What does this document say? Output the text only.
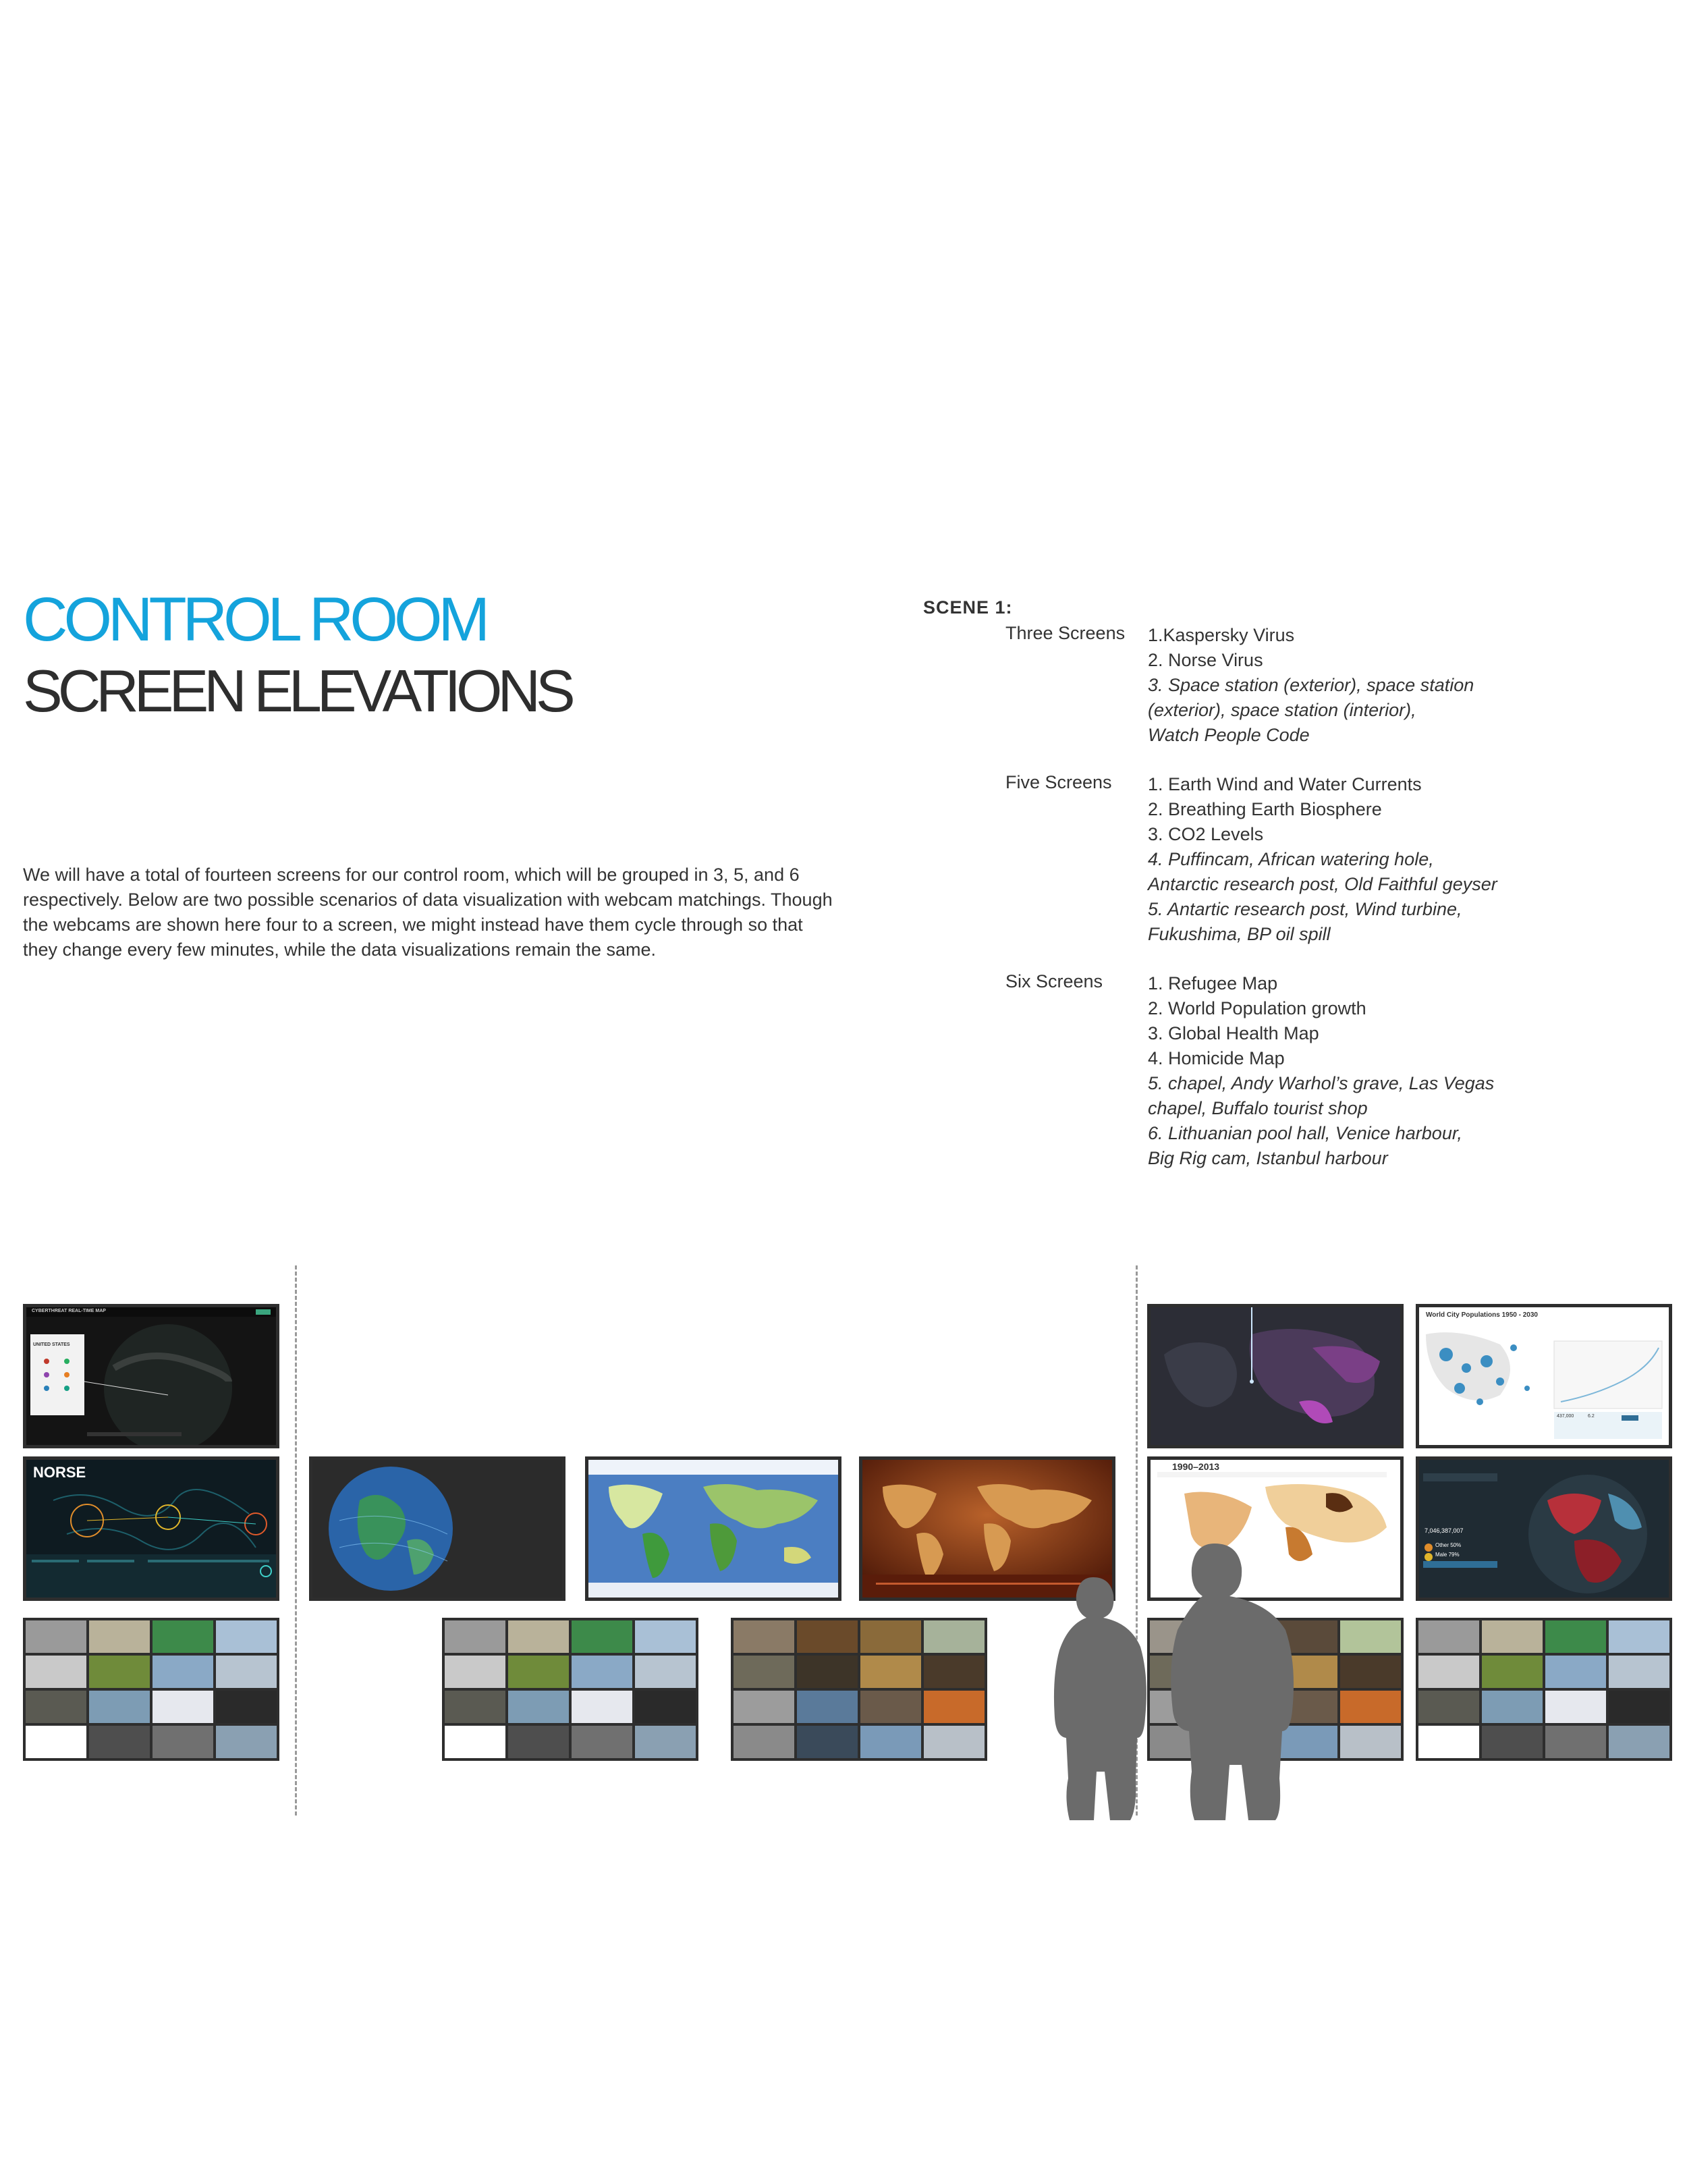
CONTROL ROOM
SCREEN ELEVATIONS
We will have a total of fourteen screens for our control room, which will be grouped in 3, 5, and 6 respectively. Below are two possible scenarios of data visualization with webcam matchings. Though the webcams are shown here four to a screen, we might instead have them cycle through so that they change every few minutes, while the data visualizations remain the same.
SCENE 1:
Three Screens 1.Kaspersky Virus
2. Norse Virus
3. Space station (exterior), space station
(exterior), space station (interior),
Watch People Code
Five Screens 1. Earth Wind and Water Currents
2. Breathing Earth Biosphere
3. CO2 Levels
4. Puffincam, African watering hole,
Antarctic research post, Old Faithful geyser
5. Antartic research post, Wind turbine,
Fukushima, BP oil spill
Six Screens 1. Refugee Map
2. World Population growth
3. Global Health Map
4. Homicide Map
5. chapel, Andy Warhol’s grave, Las Vegas
chapel, Buffalo tourist shop
6. Lithuanian pool hall, Venice harbour,
Big Rig cam, Istanbul harbour
CYBERTHREAT REAL-TIME MAP
UNITED STATES
NORSE
World City Populations 1950 - 2030
437,000	6.2
1990–2013
7,046,387,007
Other 50%
Male 79%
